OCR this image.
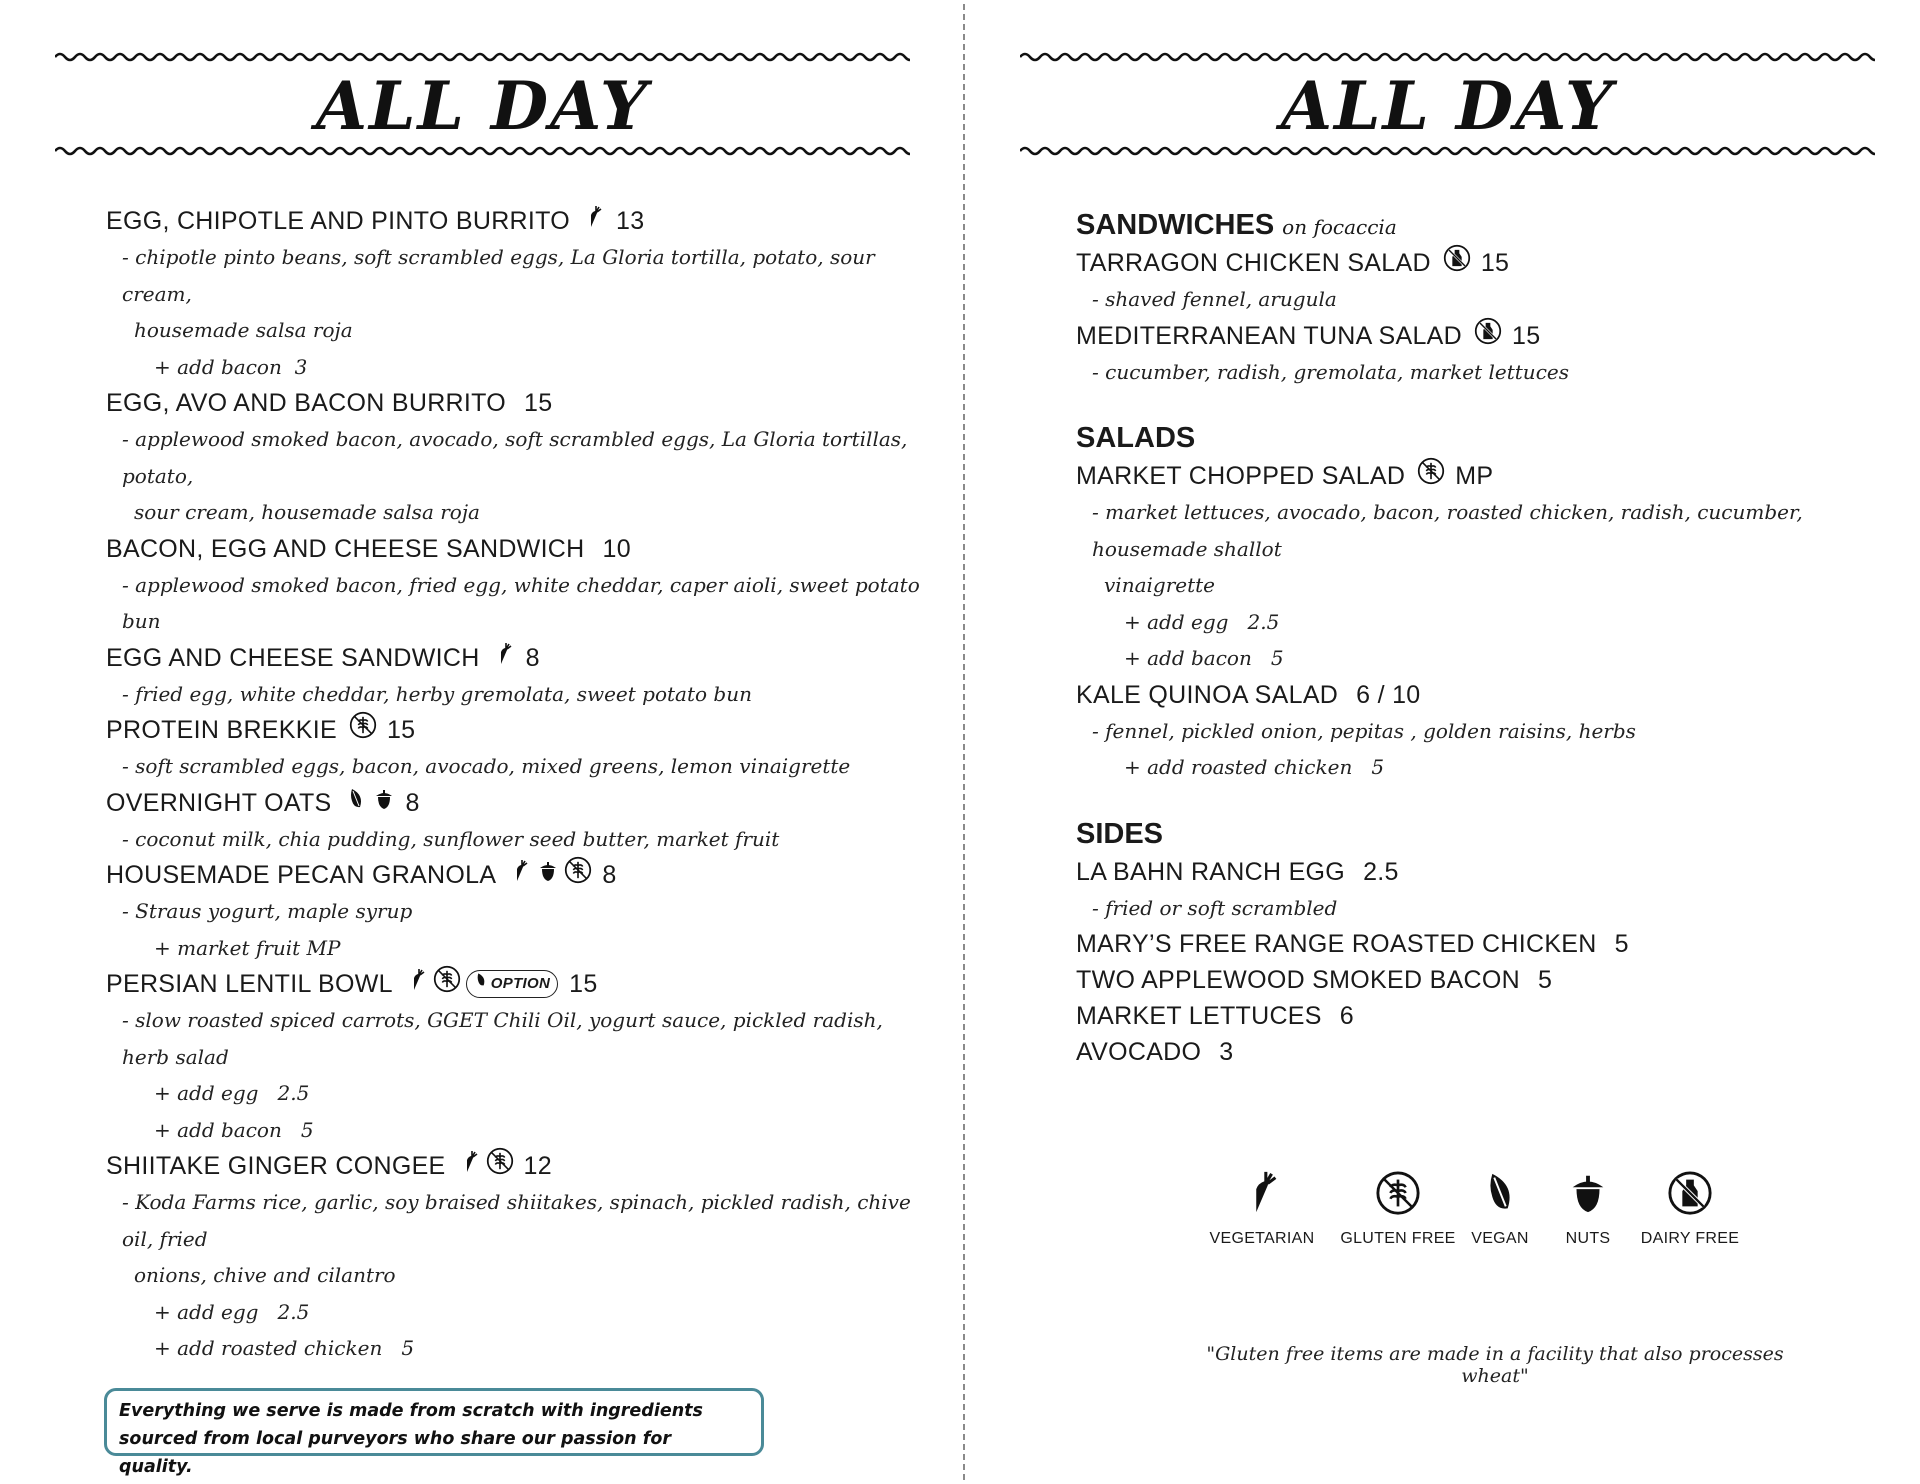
ALL DAY
EGG, CHIPOTLE AND PINTO BURRITO 13
- chipotle pinto beans, soft scrambled eggs, La Gloria tortilla, potato, sour cream,
housemade salsa roja
+ add bacon  3
EGG, AVO AND BACON BURRITO 15
- applewood smoked bacon, avocado, soft scrambled eggs, La Gloria tortillas, potato,
sour cream, housemade salsa roja
BACON, EGG AND CHEESE SANDWICH 10
- applewood smoked bacon, fried egg, white cheddar, caper aioli, sweet potato bun
EGG AND CHEESE SANDWICH 8
- fried egg, white cheddar, herby gremolata, sweet potato bun
PROTEIN BREKKIE 15
- soft scrambled eggs, bacon, avocado, mixed greens, lemon vinaigrette
OVERNIGHT OATS	8
- coconut milk, chia pudding, sunflower seed butter, market fruit
HOUSEMADE PECAN GRANOLA	8
- Straus yogurt, maple syrup
+ market fruit MP
PERSIAN LENTIL BOWL	OPTION 15
- slow roasted spiced carrots, GGET Chili Oil, yogurt sauce, pickled radish, herb salad
+ add egg   2.5
+ add bacon   5
SHIITAKE GINGER CONGEE	12
- Koda Farms rice, garlic, soy braised shiitakes, spinach, pickled radish, chive oil, fried
onions, chive and cilantro
+ add egg   2.5
+ add roasted chicken   5
Everything we serve is made from scratch with ingredients sourced from local purveyors who share our passion for quality.
ALL DAY
SANDWICHES on focaccia
TARRAGON CHICKEN SALAD 15
- shaved fennel, arugula
MEDITERRANEAN TUNA SALAD 15
- cucumber, radish, gremolata, market lettuces
SALADS
MARKET CHOPPED SALAD MP
- market lettuces, avocado, bacon, roasted chicken, radish, cucumber, housemade shallot
vinaigrette
+ add egg   2.5
+ add bacon   5
KALE QUINOA SALAD 6 / 10
- fennel, pickled onion, pepitas , golden raisins, herbs
+ add roasted chicken   5
SIDES
LA BAHN RANCH EGG 2.5
- fried or soft scrambled
MARY’S FREE RANGE ROASTED CHICKEN 5
TWO APPLEWOOD SMOKED BACON 5
MARKET LETTUCES 6
AVOCADO 3
VEGETARIAN	GLUTEN FREE VEGAN	NUTS	DAIRY FREE
"Gluten free items are made in a facility that also processes wheat"
